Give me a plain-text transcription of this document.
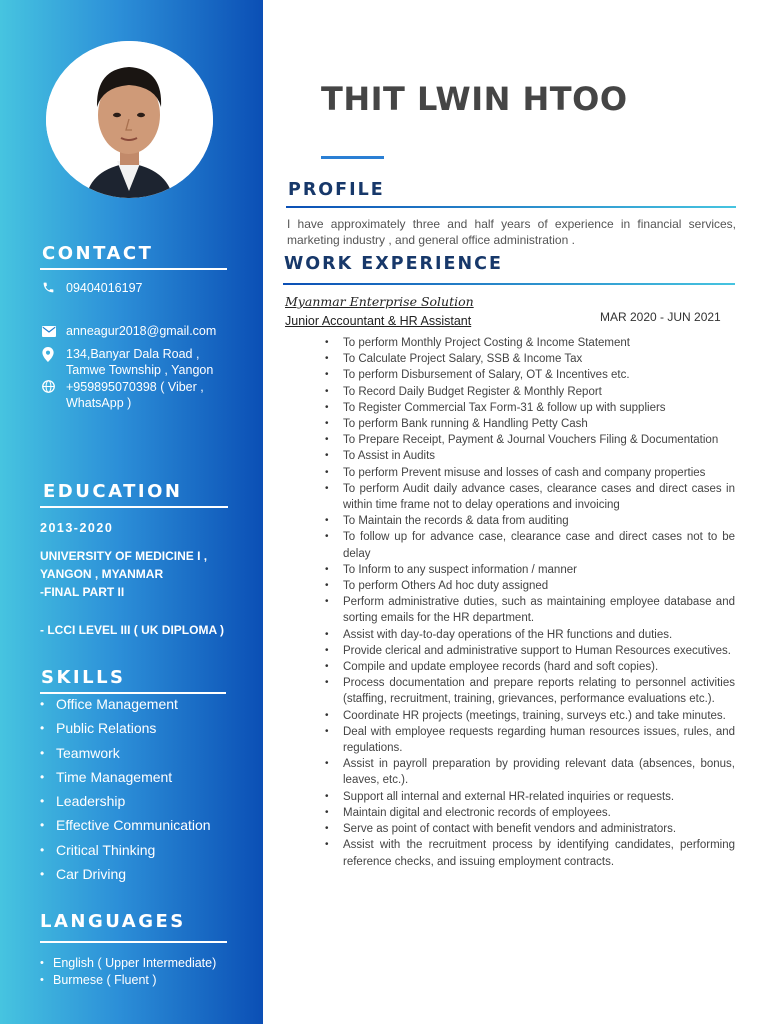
CONTACT
09404016197
anneagur2018@gmail.com
134,Banyar Dala Road ,
Tamwe Township , Yangon
+959895070398 ( Viber ,
WhatsApp )
EDUCATION
2013-2020
UNIVERSITY OF MEDICINE I ,
YANGON , MYANMAR
-FINAL PART II
- LCCI LEVEL III ( UK DIPLOMA )
SKILLS
• Office Management
• Public Relations
• Teamwork
• Time Management
• Leadership
• Effective Communication
• Critical Thinking
• Car Driving
LANGUAGES
• English ( Upper Intermediate)
• Burmese ( Fluent )
THIT LWIN HTOO
PROFILE
I have approximately three and half years of experience in financial services, marketing industry , and general office administration .
WORK EXPERIENCE
Myanmar Enterprise Solution
Junior Accountant & HR Assistant	MAR 2020 - JUN 2021
•	To perform Monthly Project Costing & Income Statement
•	To Calculate Project Salary, SSB & Income Tax
•	To perform Disbursement of Salary, OT & Incentives etc.
•	To Record Daily Budget Register & Monthly Report
•	To Register Commercial Tax Form-31 & follow up with suppliers
•	To perform Bank running & Handling Petty Cash
•	To Prepare Receipt, Payment & Journal Vouchers Filing & Documentation
•	To Assist in Audits
•	To perform Prevent misuse and losses of cash and company properties
•	To perform Audit daily advance cases, clearance cases and direct cases in within time frame not to delay operations and invoicing
•	To Maintain the records & data from auditing
•	To follow up for advance case, clearance case and direct cases not to be delay
•	To Inform to any suspect information / manner
•	To perform Others Ad hoc duty assigned
•	Perform administrative duties, such as maintaining employee database and sorting emails for the HR department.
•	Assist with day-to-day operations of the HR functions and duties.
•	Provide clerical and administrative support to Human Resources executives.
•	Compile and update employee records (hard and soft copies).
•	Process documentation and prepare reports relating to personnel activities (staffing, recruitment, training, grievances, performance evaluations etc.).
•	Coordinate HR projects (meetings, training, surveys etc.) and take minutes.
•	Deal with employee requests regarding human resources issues, rules, and regulations.
•	Assist in payroll preparation by providing relevant data (absences, bonus, leaves, etc.).
•	Support all internal and external HR-related inquiries or requests.
•	Maintain digital and electronic records of employees.
•	Serve as point of contact with benefit vendors and administrators.
•	Assist with the recruitment process by identifying candidates, performing reference checks, and issuing employment contracts.
